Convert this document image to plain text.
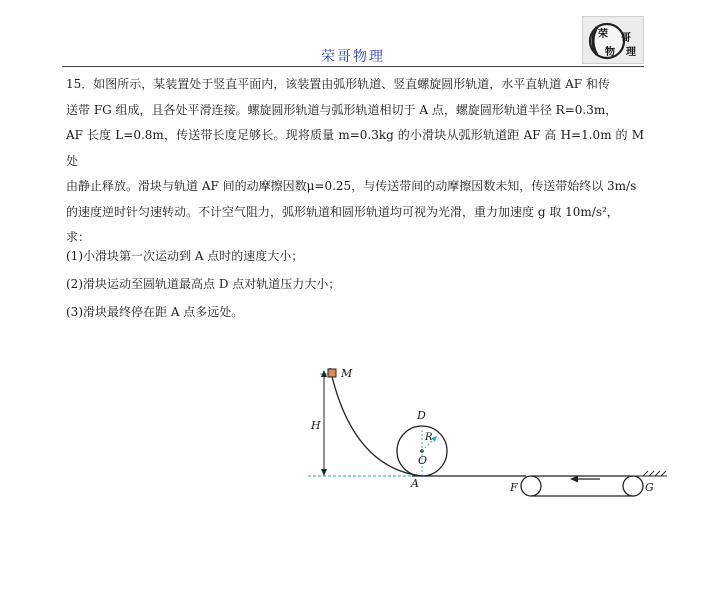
荣哥物理
荣 哥
物 理

15．如图所示，某装置处于竖直平面内，该装置由弧形轨道、竖直螺旋圆形轨道，水平直轨道 AF 和传

送带 FG 组成，且各处平滑连接。螺旋圆形轨道与弧形轨道相切于 A 点，螺旋圆形轨道半径 R=0.3m，

AF 长度 L=0.8m，传送带长度足够长。现将质量 m=0.3kg 的小滑块从弧形轨道距 AF 高 H=1.0m 的 M 处

由静止释放。滑块与轨道 AF 间的动摩擦因数μ=0.25，与传送带间的动摩擦因数未知，传送带始终以 3m/s

的速度逆时针匀速转动。不计空气阻力，弧形轨道和圆形轨道均可视为光滑，重力加速度 g 取 10m/s²，

求：

(1)小滑块第一次运动到 A 点时的速度大小；
(2)滑块运动至圆轨道最高点 D 点对轨道压力大小；
(3)滑块最终停在距 A 点多远处。
H
M
D
R
O
A	F	G
